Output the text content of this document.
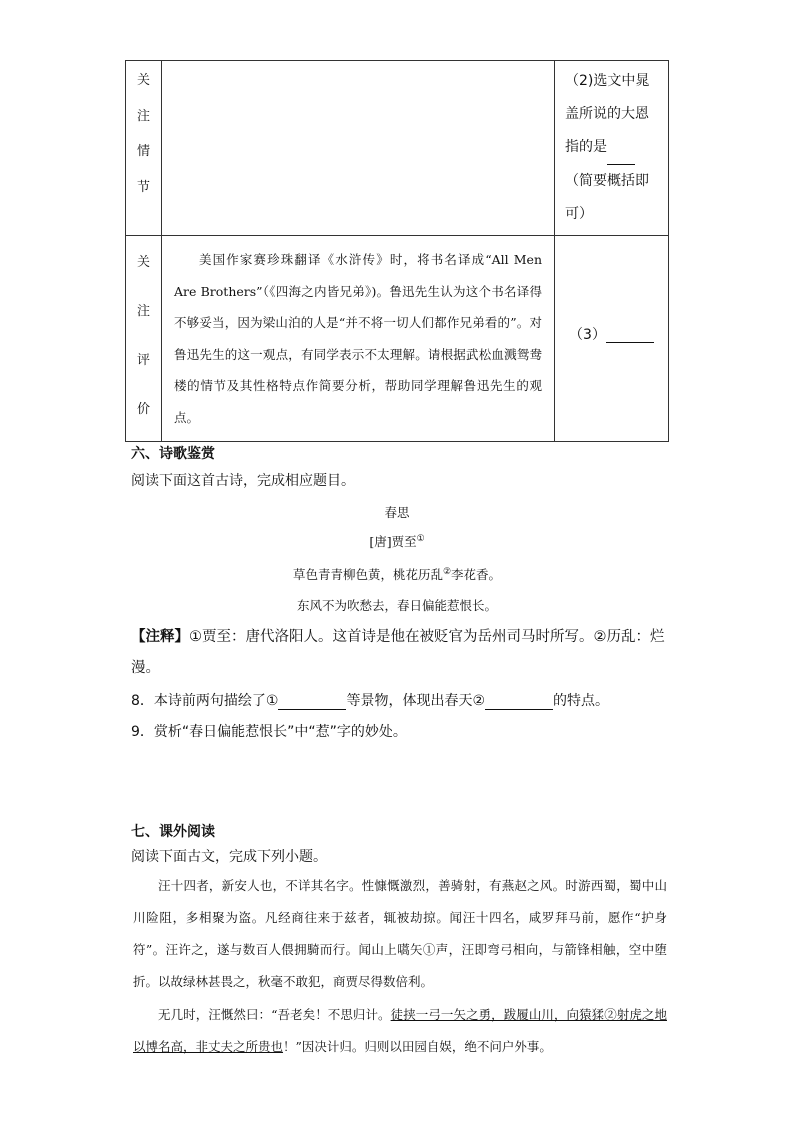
关
注
情
节		（2)选文中晁盖所说的大恩指的是（简要概括即可）

关
注
评
价	美国作家赛珍珠翻译《水浒传》时，将书名译成“All Men Are Brothers”（《四海之内皆兄弟》)。鲁迅先生认为这个书名译得不够妥当，因为梁山泊的人是“并不将一切人们都作兄弟看的”。对鲁迅先生的这一观点，有同学表示不太理解。请根据武松血溅鸳鸯楼的情节及其性格特点作简要分析，帮助同学理解鲁迅先生的观点。	（3）
六、诗歌鉴赏
阅读下面这首古诗，完成相应题目。
春思
[唐]贾至①
草色青青柳色黄，桃花历乱②李花香。
东风不为吹愁去，春日偏能惹恨长。
【注释】①贾至：唐代洛阳人。这首诗是他在被贬官为岳州司马时所写。②历乱：烂漫。
8．本诗前两句描绘了①	等景物，体现出春天②	的特点。
9．赏析“春日偏能惹恨长”中“惹”字的妙处。
七、课外阅读
阅读下面古文，完成下列小题。
汪十四者，新安人也，不详其名字。性慷慨激烈，善骑射，有燕赵之风。时游西蜀，蜀中山川险阻，多相聚为盗。凡经商往来于兹者，辄被劫掠。闻汪十四名，咸罗拜马前，愿作“护身符”。汪许之，遂与数百人偎拥騎而行。闻山上嚆矢①声，汪即弯弓相向，与箭锋相触，空中堕折。以故绿林甚畏之，秋毫不敢犯，商贾尽得数倍利。
无几时，汪慨然曰：“吾老矣！不思归计。徒挟一弓一矢之勇，跋履山川，向猿猱②射虎之地以博名高，非丈夫之所贵也！”因决计归。归则以田园自娱，绝不问户外事。
